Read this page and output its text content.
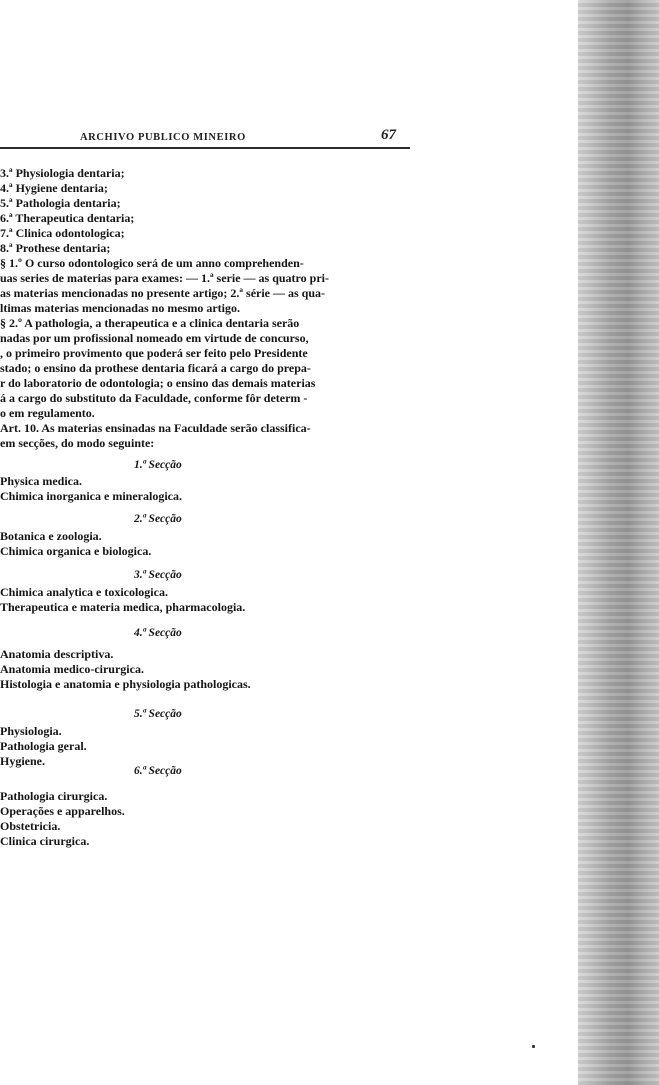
ARCHIVO PUBLICO MINEIRO	67
3.ª Physiologia dentaria;
4.ª Hygiene dentaria;
5.ª Pathologia dentaria;
6.ª Therapeutica dentaria;
7.ª Clinica odontologica;
8.ª Prothese dentaria;
§ 1.º O curso odontologico será de um anno comprehenden-
uas series de materias para exames: — 1.ª serie — as quatro pri-
as materias mencionadas no presente artigo; 2.ª série — as qua-
ltimas materias mencionadas no mesmo artigo.
§ 2.º A pathologia, a therapeutica e a clinica dentaria serão
nadas por um profissional nomeado em virtude de concurso,
, o primeiro provimento que poderá ser feito pelo Presidente
stado; o ensino da prothese dentaria ficará a cargo do prepa-
r do laboratorio de odontologia; o ensino das demais materias
á a cargo do substituto da Faculdade, conforme fôr determ -
o em regulamento.
Art. 10. As materias ensinadas na Faculdade serão classifica-
em secções, do modo seguinte:
1.ª Secção
Physica medica.
Chimica inorganica e mineralogica.
2.ª Secção
Botanica e zoologia.
Chimica organica e biologica.
3.ª Secção
Chimica analytica e toxicologica.
Therapeutica e materia medica, pharmacologia.
4.ª Secção
Anatomia descriptiva.
Anatomia medico-cirurgica.
Histologia e anatomia e physiologia pathologicas.
5.ª Secção
Physiologia.
Pathologia geral.
Hygiene.
6.ª Secção
Pathologia cirurgica.
Operações e apparelhos.
Obstetricia.
Clinica cirurgica.
